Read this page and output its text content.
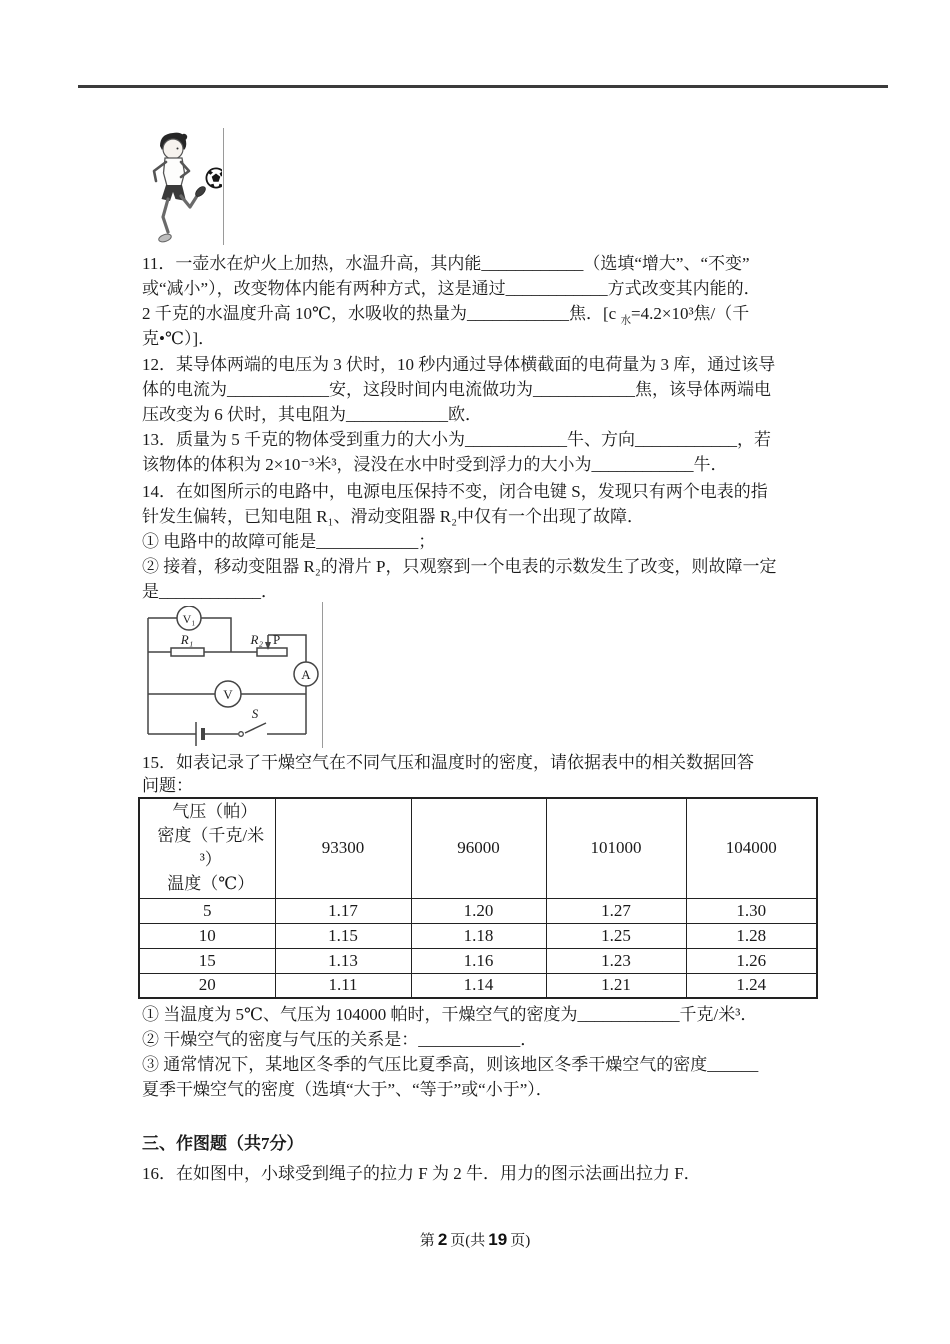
11．一壶水在炉火上加热，水温升高，其内能____________（选填“增大”、“不变”
或“减小”），改变物体内能有两种方式，这是通过____________方式改变其内能的．
2 千克的水温度升高 10℃，水吸收的热量为____________焦．[c $_水$=4.2×10³焦/（千
克•℃）]．
12．某导体两端的电压为 3 伏时，10 秒内通过导体横截面的电荷量为 3 库，通过该导
体的电流为____________安，这段时间内电流做功为____________焦，该导体两端电
压改变为 6 伏时，其电阻为____________欧．
13．质量为 5 千克的物体受到重力的大小为____________牛、方向____________，若
该物体的体积为 2×10⁻³米³，浸没在水中时受到浮力的大小为____________牛．
14．在如图所示的电路中，电源电压保持不变，闭合电键 S，发现只有两个电表的指
针发生偏转，已知电阻 R₁、滑动变阻器 R₂中仅有一个出现了故障．
① 电路中的故障可能是____________；
② 接着，移动变阻器 R₂的滑片 P，只观察到一个电表的示数发生了改变，则故障一定
是____________．
V₁
A
V
R₁	R₂ P
S
15．如表记录了干燥空气在不同气压和温度时的密度，请依据表中的相关数据回答
问题：
气压（帕）
密度（千克/米
³）
温度（℃）	93300	96000	101000	104000
5	1.17	1.20	1.27	1.30
10	1.15	1.18	1.25	1.28
15	1.13	1.16	1.23	1.26
20	1.11	1.14	1.21	1.24
① 当温度为 5℃、气压为 104000 帕时，干燥空气的密度为____________千克/米³．
② 干燥空气的密度与气压的关系是：____________．
③ 通常情况下，某地区冬季的气压比夏季高，则该地区冬季干燥空气的密度______
夏季干燥空气的密度（选填“大于”、“等于”或“小于”）．
三、作图题（共7分）
16．在如图中，小球受到绳子的拉力 F 为 2 牛．用力的图示法画出拉力 F．
第 2 页(共 19 页)
